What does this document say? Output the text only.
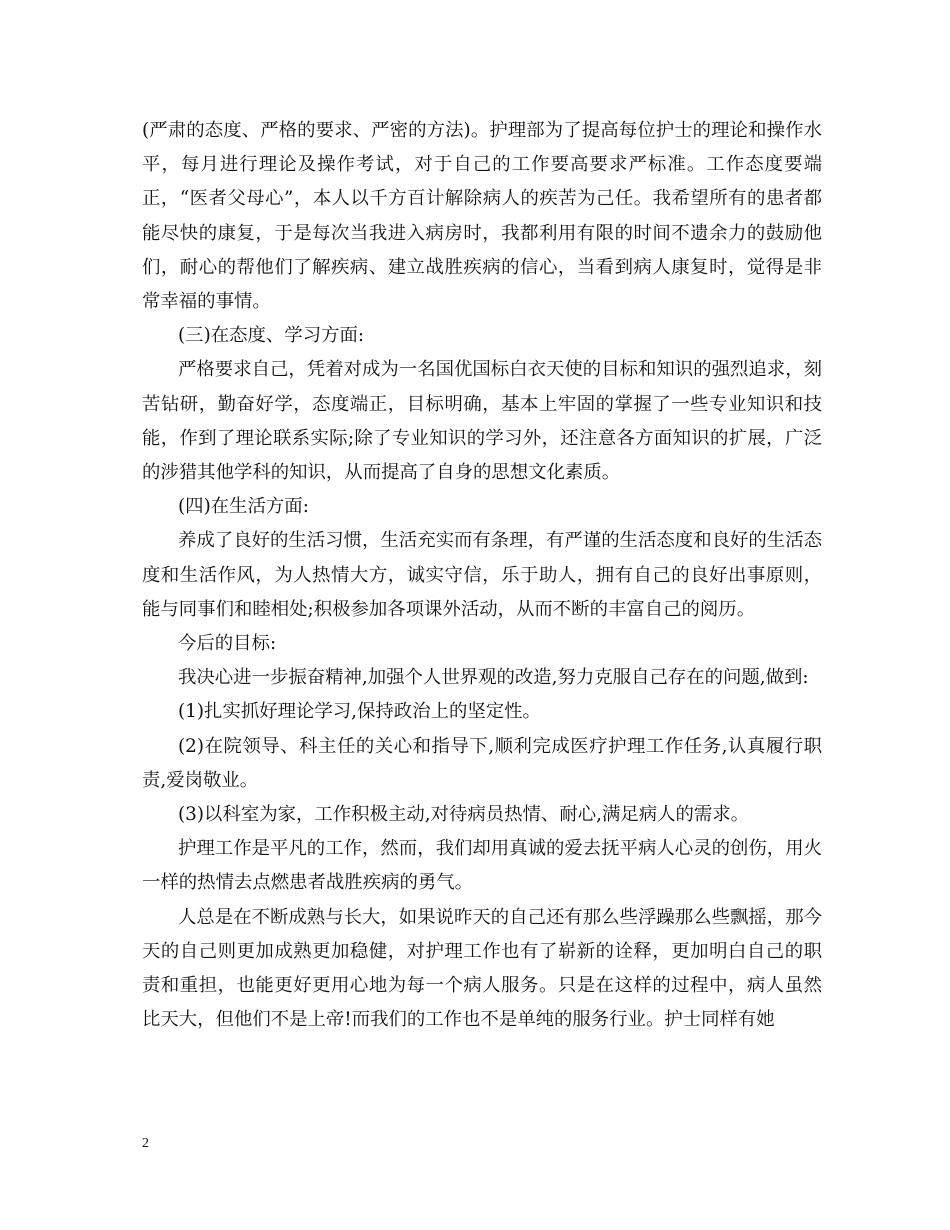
(严肃的态度、严格的要求、严密的方法)。护理部为了提高每位护士的理论和操作水平，每月进行理论及操作考试，对于自己的工作要高要求严标准。工作态度要端正，“医者父母心”，本人以千方百计解除病人的疾苦为己任。我希望所有的患者都能尽快的康复，于是每次当我进入病房时，我都利用有限的时间不遗余力的鼓励他们，耐心的帮他们了解疾病、建立战胜疾病的信心，当看到病人康复时，觉得是非常幸福的事情。

(三)在态度、学习方面:

严格要求自己，凭着对成为一名国优国标白衣天使的目标和知识的强烈追求，刻苦钻研，勤奋好学，态度端正，目标明确，基本上牢固的掌握了一些专业知识和技能，作到了理论联系实际;除了专业知识的学习外，还注意各方面知识的扩展，广泛的涉猎其他学科的知识，从而提高了自身的思想文化素质。

(四)在生活方面:

养成了良好的生活习惯，生活充实而有条理，有严谨的生活态度和良好的生活态度和生活作风，为人热情大方，诚实守信，乐于助人，拥有自己的良好出事原则，能与同事们和睦相处;积极参加各项课外活动，从而不断的丰富自己的阅历。

今后的目标:

我决心进一步振奋精神,加强个人世界观的改造,努力克服自己存在的问题,做到:

(1)扎实抓好理论学习,保持政治上的坚定性。

(2)在院领导、科主任的关心和指导下,顺利完成医疗护理工作任务,认真履行职责,爱岗敬业。

(3)以科室为家，工作积极主动,对待病员热情、耐心,满足病人的需求。

护理工作是平凡的工作，然而，我们却用真诚的爱去抚平病人心灵的创伤，用火一样的热情去点燃患者战胜疾病的勇气。

人总是在不断成熟与长大，如果说昨天的自己还有那么些浮躁那么些飘摇，那今天的自己则更加成熟更加稳健，对护理工作也有了崭新的诠释，更加明白自己的职责和重担，也能更好更用心地为每一个病人服务。只是在这样的过程中，病人虽然比天大，但他们不是上帝!而我们的工作也不是单纯的服务行业。护士同样有她

2
